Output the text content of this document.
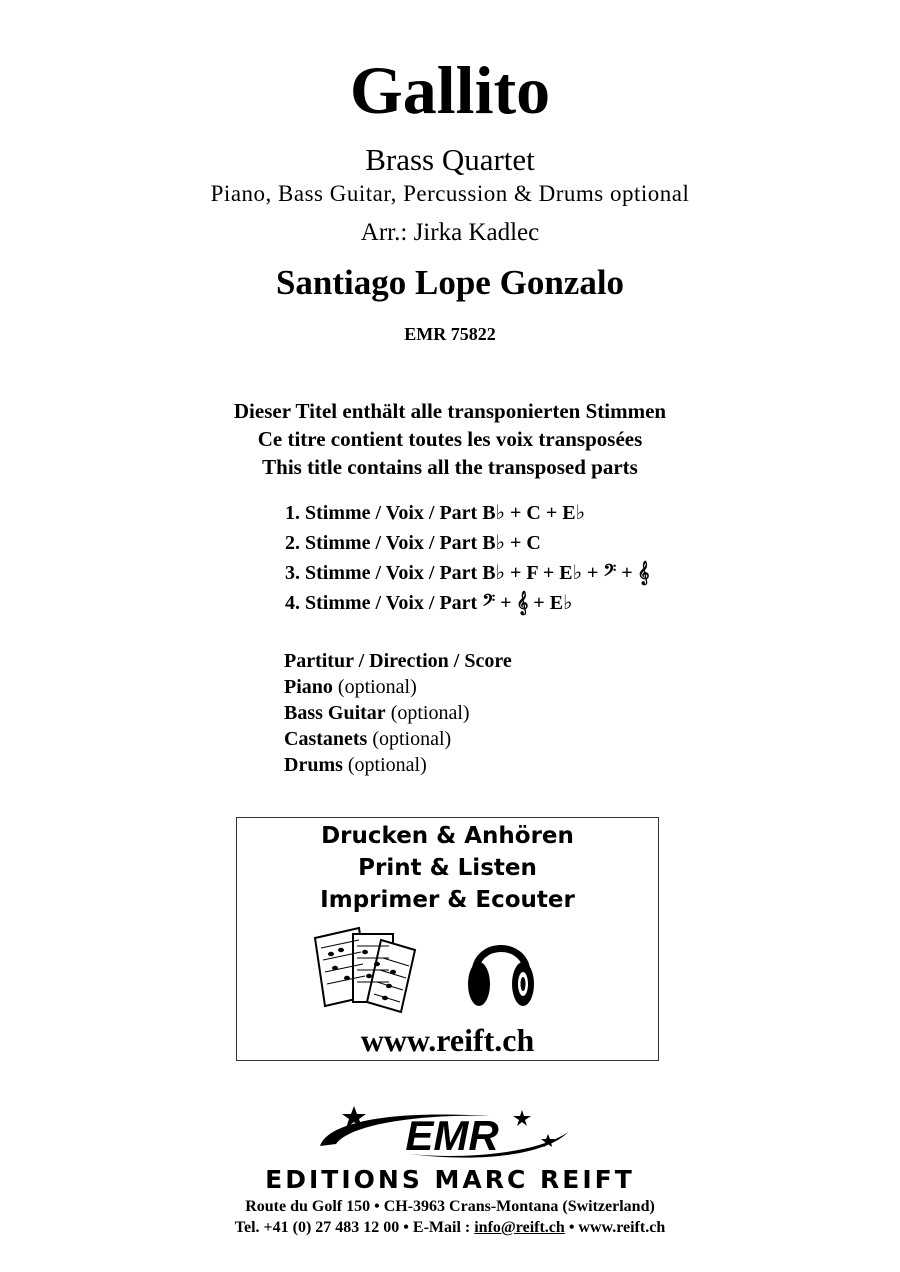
Gallito
Brass Quartet
Piano, Bass Guitar, Percussion & Drums optional
Arr.: Jirka Kadlec
Santiago Lope Gonzalo
EMR 75822
Dieser Titel enthält alle transponierten Stimmen
Ce titre contient toutes les voix transposées
This title contains all the transposed parts
1. Stimme / Voix / Part B♭ + C + E♭
2. Stimme / Voix / Part B♭ + C
3. Stimme / Voix / Part B♭ + F + E♭ + 𝄢 + 𝄞
4. Stimme / Voix / Part 𝄢 + 𝄞 + E♭
Partitur / Direction / Score
Piano (optional)
Bass Guitar (optional)
Castanets (optional)
Drums (optional)
Drucken & Anhören
Print & Listen
Imprimer & Ecouter
www.reift.ch
EMR
EDITIONS MARC REIFT
Route du Golf 150 • CH-3963 Crans-Montana (Switzerland)
Tel. +41 (0) 27 483 12 00 • E-Mail : info@reift.ch • www.reift.ch
